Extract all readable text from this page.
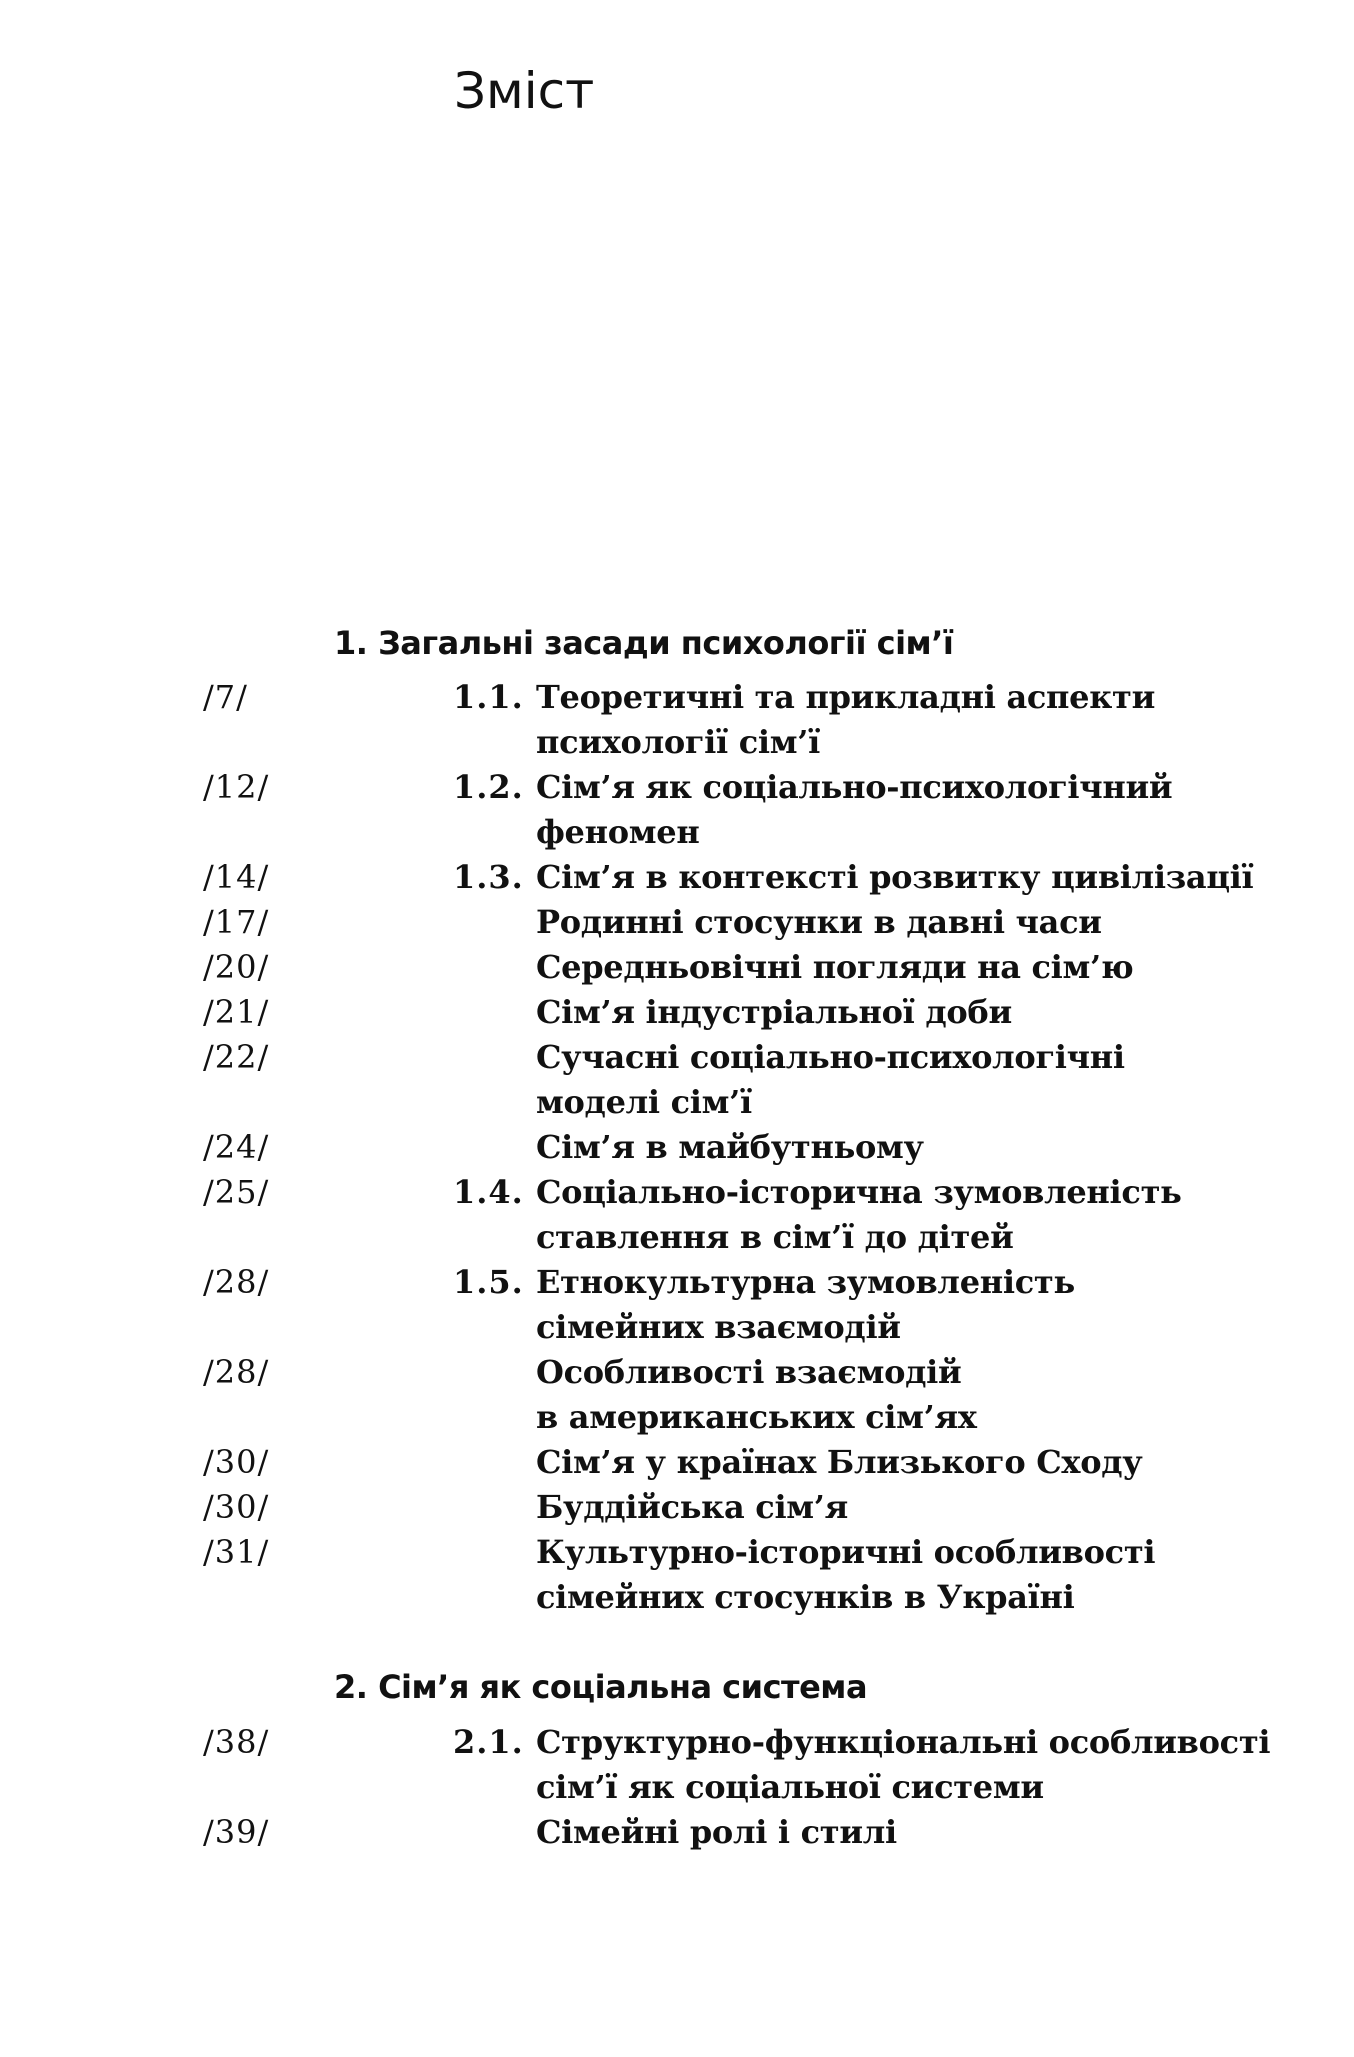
Зміст
1. Загальні засади психології сім’ї
/7/	1.1. Теоретичні та прикладні аспекти
психології сім’ї
/12/	1.2. Сім’я як соціально-психологічний
феномен
/14/	1.3. Сім’я в контексті розвитку цивілізації
/17/	Родинні стосунки в давні часи
/20/	Середньовічні погляди на сім’ю
/21/	Сім’я індустріальної доби
/22/	Сучасні соціально-психологічні
моделі сім’ї
/24/	Сім’я в майбутньому
/25/	1.4. Соціально-історична зумовленість
ставлення в сім’ї до дітей
/28/	1.5. Етнокультурна зумовленість
сімейних взаємодій
/28/	Особливості взаємодій
в американських сім’ях
/30/	Сім’я у країнах Близького Сходу
/30/	Буддійська сім’я
/31/	Культурно-історичні особливості
сімейних стосунків в Україні
2. Сім’я як соціальна система
/38/	2.1. Структурно-функціональні особливості
сім’ї як соціальної системи
/39/	Сімейні ролі і стилі
